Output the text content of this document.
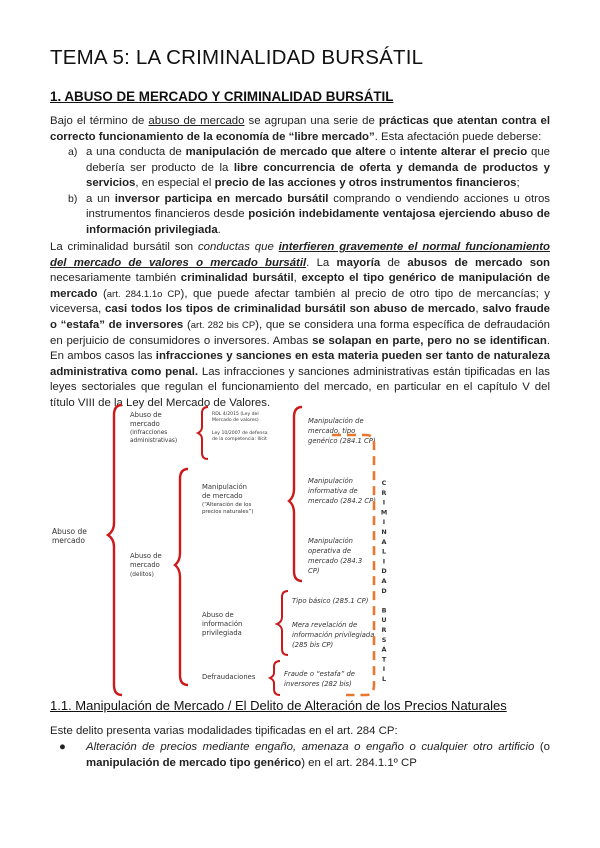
TEMA 5: LA CRIMINALIDAD BURSÁTIL
1. ABUSO DE MERCADO Y CRIMINALIDAD BURSÁTIL

Bajo el término de abuso de mercado se agrupan una serie de prácticas que atentan contra el correcto funcionamiento de la economía de “libre mercado”. Esta afectación puede deberse:

a) a una conducta de manipulación de mercado que altere o intente alterar el precio que debería ser producto de la libre concurrencia de oferta y demanda de productos y servicios, en especial el precio de las acciones y otros instrumentos financieros;
b) a un inversor participa en mercado bursátil comprando o vendiendo acciones u otros instrumentos financieros desde posición indebidamente ventajosa ejerciendo abuso de información privilegiada.

La criminalidad bursátil son conductas que interfieren gravemente el normal funcionamiento del mercado de valores o mercado bursátil. La mayoría de abusos de mercado son necesariamente también criminalidad bursátil, excepto el tipo genérico de manipulación de mercado (art. 284.1.1o CP), que puede afectar también al precio de otro tipo de mercancías; y viceversa, casi todos los tipos de criminalidad bursátil son abuso de mercado, salvo fraude o “estafa” de inversores (art. 282 bis CP), que se considera una forma específica de defraudación en perjuicio de consumidores o inversores. Ambas se solapan en parte, pero no se identifican. En ambos casos las infracciones y sanciones en esta materia pueden ser tanto de naturaleza administrativa como penal. Las infracciones y sanciones administrativas están tipificadas en las leyes sectoriales que regulan el funcionamiento del mercado, en particular en el capítulo V del título VIII de la Ley del Mercado de Valores.

Abuso de mercado
Abuso de mercado (infracciones administrativas)
RDL 4/2015 (Ley del Mercado de valores) Ley 10/2007 de defensa de la competencia: Ilícit
Abuso de mercado (delitos)
Manipulación de mercado (“Alteración de los precios naturales”)
Abuso de información privilegiada
Defraudaciones
Manipulación de mercado, tipo genérico (284.1 CP)
Manipulación informativa de mercado (284.2 CP)
Manipulación operativa de mercado (284.3 CP)
Tipo básico (285.1 CP)
Mera revelación de información privilegiada (285 bis CP)
Fraude o “estafa” de inversores (282 bis)
C
R
I
M
I
N
A
L
I
D
A
D
B
U
R
S
Á
T
I
L
1.1. Manipulación de Mercado / El Delito de Alteración de los Precios Naturales

Este delito presenta varias modalidades tipificadas en el art. 284 CP:

● Alteración de precios mediante engaño, amenaza o engaño o cualquier otro artificio (o manipulación de mercado tipo genérico) en el art. 284.1.1º CP
